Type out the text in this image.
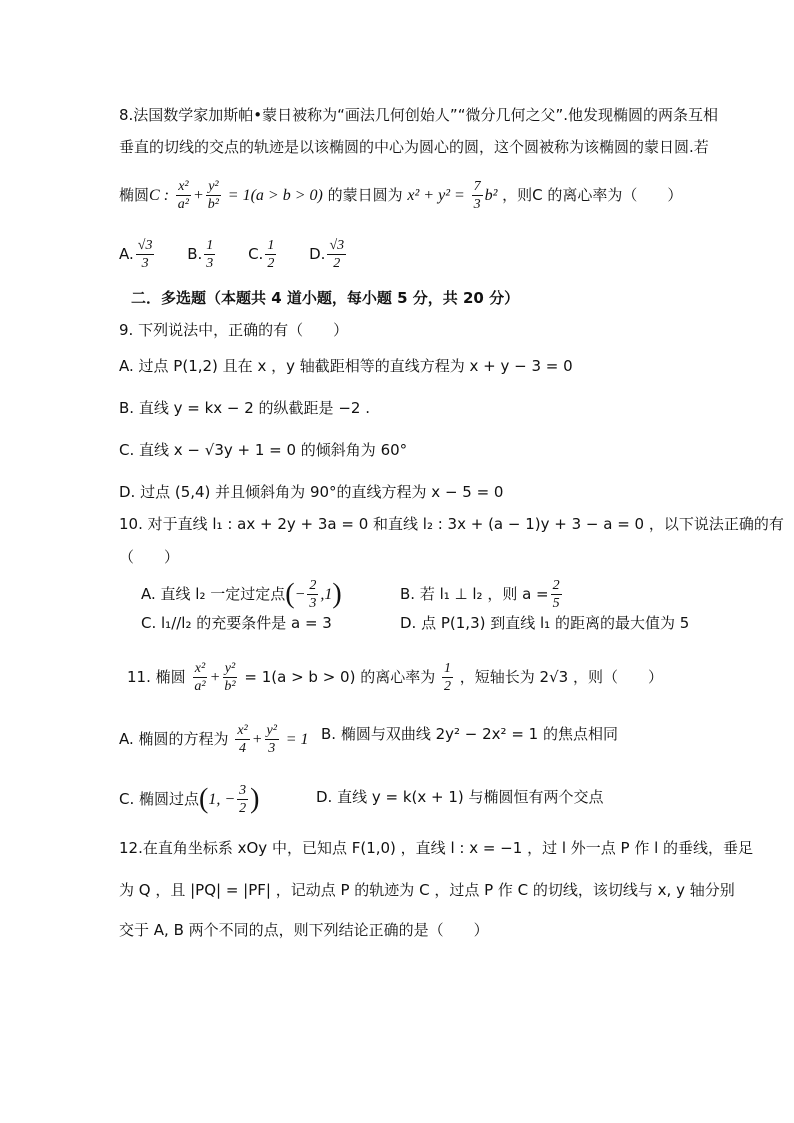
8.法国数学家加斯帕•蒙日被称为“画法几何创始人”“微分几何之父”.他发现椭圆的两条互相
垂直的切线的交点的轨迹是以该椭圆的中心为圆心的圆，这个圆被称为该椭圆的蒙日圆.若
椭圆C : $\frac{\text{x²}}{\text{a²}} + \frac{\text{y²}}{\text{b²}} = 1(a > b > 0)$ 的蒙日圆为 $x^2 + y^2 = \frac{7}{3} b^2$ ，则C 的离心率为（　　）
A. $\frac{√3}{3} B$. $\frac{1}{3} C$. $\frac{1}{2} D$. $\frac{√3}{2}$
二．多选题（本题共 4 道小题，每小题 5 分，共 20 分）
9. 下列说法中，正确的有（　　）
A. 过点 P(1,2) 且在 x ，y 轴截距相等的直线方程为 x + y − 3 = 0
B. 直线 y = kx − 2 的纵截距是 −2 .
C. 直线 x − √3y + 1 = 0 的倾斜角为 60°
D. 过点 (5,4) 并且倾斜角为 90°的直线方程为 x − 5 = 0
10. 对于直线 l₁ : ax + 2y + 3a = 0 和直线 l₂ : 3x + (a − 1)y + 3 − a = 0 ，以下说法正确的有
（　　）
A. 直线 l₂ 一定过定点(− $\frac{2}{3} ,1$)	B. 若 l₁ ⊥ l₂ ，则 $a = \frac{2}{5}$
C. l₁//l₂ 的充要条件是 a = 3	D. 点 P(1,3) 到直线 l₁ 的距离的最大值为 5
11. 椭圆 $\frac{\text{x²}}{\text{a²}} + \frac{\text{y²}}{\text{b²}} = 1(a > b > 0)$ 的离心率为 $\frac{1}{2}$ ，短轴长为 2√3 ，则（　　）
A. 椭圆的方程为 $\frac{\text{x²}}{4} + \frac{\text{y²}}{3} = 1$ B. 椭圆与双曲线 2y² − 2x² = 1 的焦点相同
C. 椭圆过点(1, − $\frac{3}{2}$ )	D. 直线 y = k(x + 1) 与椭圆恒有两个交点
12.在直角坐标系 xOy 中，已知点 F(1,0) ，直线 l : x = −1 ，过 l 外一点 P 作 l 的垂线，垂足
为 Q ，且 |PQ| = |PF| ，记动点 P 的轨迹为 C ，过点 P 作 C 的切线，该切线与 x, y 轴分别
交于 A, B 两个不同的点，则下列结论正确的是（　　）
